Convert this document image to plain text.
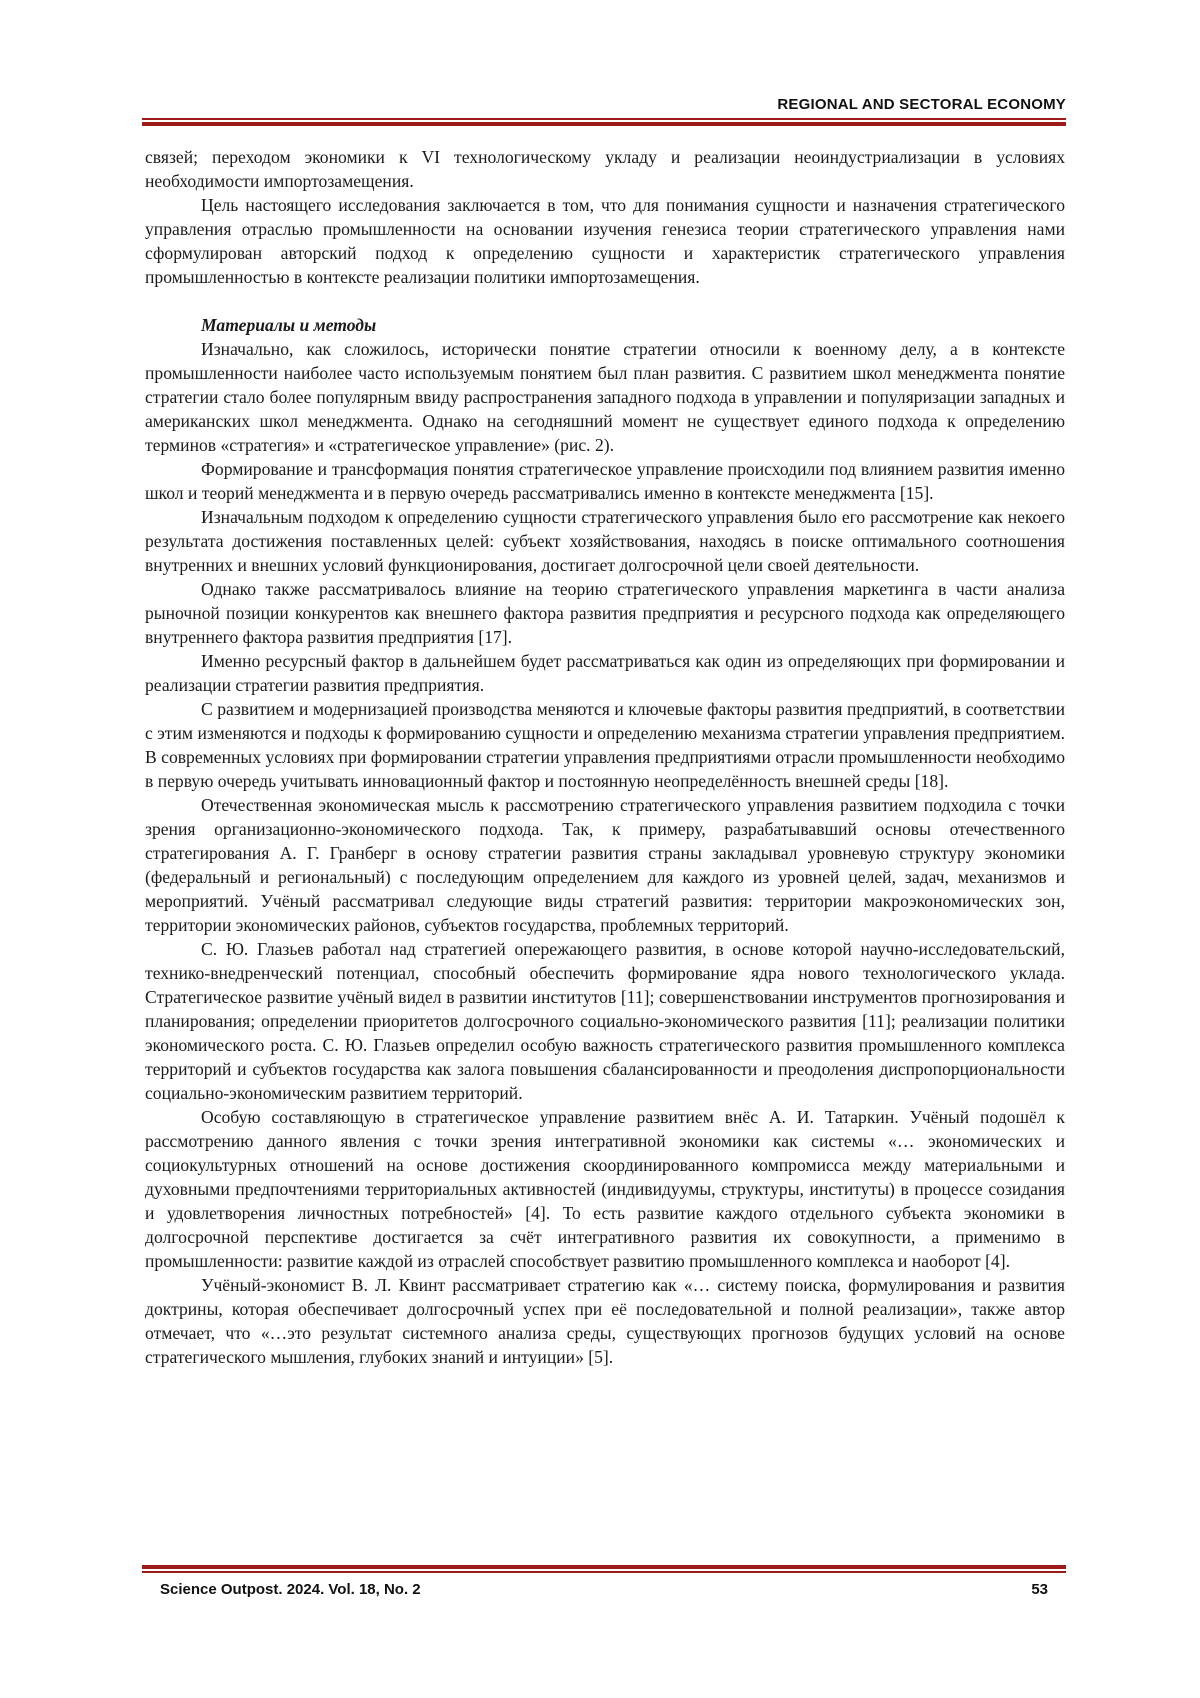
REGIONAL AND SECTORAL ECONOMY

связей; переходом экономики к VI технологическому укладу и реализации неоиндустриализации в условиях необходимости импортозамещения.

Цель настоящего исследования заключается в том, что для понимания сущности и назначения стратегического управления отраслью промышленности на основании изучения генезиса теории стратегического управления нами сформулирован авторский подход к определению сущности и характеристик стратегического управления промышленностью в контексте реализации политики импортозамещения.

Материалы и методы

Изначально, как сложилось, исторически понятие стратегии относили к военному делу, а в контексте промышленности наиболее часто используемым понятием был план развития. С развитием школ менеджмента понятие стратегии стало более популярным ввиду распространения западного подхода в управлении и популяризации западных и американских школ менеджмента. Однако на сегодняшний момент не существует единого подхода к определению терминов «стратегия» и «стратегическое управление» (рис. 2).

Формирование и трансформация понятия стратегическое управление происходили под влиянием развития именно школ и теорий менеджмента и в первую очередь рассматривались именно в контексте менеджмента [15].

Изначальным подходом к определению сущности стратегического управления было его рассмотрение как некоего результата достижения поставленных целей: субъект хозяйствования, находясь в поиске оптимального соотношения внутренних и внешних условий функционирования, достигает долгосрочной цели своей деятельности.

Однако также рассматривалось влияние на теорию стратегического управления маркетинга в части анализа рыночной позиции конкурентов как внешнего фактора развития предприятия и ресурсного подхода как определяющего внутреннего фактора развития предприятия [17].

Именно ресурсный фактор в дальнейшем будет рассматриваться как один из определяющих при формировании и реализации стратегии развития предприятия.

С развитием и модернизацией производства меняются и ключевые факторы развития предприятий, в соответствии с этим изменяются и подходы к формированию сущности и определению механизма стратегии управления предприятием. В современных условиях при формировании стратегии управления предприятиями отрасли промышленности необходимо в первую очередь учитывать инновационный фактор и постоянную неопределённость внешней среды [18].

Отечественная экономическая мысль к рассмотрению стратегического управления развитием подходила с точки зрения организационно-экономического подхода. Так, к примеру, разрабатывавший основы отечественного стратегирования А. Г. Гранберг в основу стратегии развития страны закладывал уровневую структуру экономики (федеральный и региональный) с последующим определением для каждого из уровней целей, задач, механизмов и мероприятий. Учёный рассматривал следующие виды стратегий развития: территории макроэкономических зон, территории экономических районов, субъектов государства, проблемных территорий.

С. Ю. Глазьев работал над стратегией опережающего развития, в основе которой научно-исследовательский, технико-внедренческий потенциал, способный обеспечить формирование ядра нового технологического уклада. Стратегическое развитие учёный видел в развитии институтов [11]; совершенствовании инструментов прогнозирования и планирования; определении приоритетов долгосрочного социально-экономического развития [11]; реализации политики экономического роста. С. Ю. Глазьев определил особую важность стратегического развития промышленного комплекса территорий и субъектов государства как залога повышения сбалансированности и преодоления диспропорциональности социально-экономическим развитием территорий.

Особую составляющую в стратегическое управление развитием внёс А. И. Татаркин. Учёный подошёл к рассмотрению данного явления с точки зрения интегративной экономики как системы «… экономических и социокультурных отношений на основе достижения скоординированного компромисса между материальными и духовными предпочтениями территориальных активностей (индивидуумы, структуры, институты) в процессе созидания и удовлетворения личностных потребностей» [4]. То есть развитие каждого отдельного субъекта экономики в долгосрочной перспективе достигается за счёт интегративного развития их совокупности, а применимо в промышленности: развитие каждой из отраслей способствует развитию промышленного комплекса и наоборот [4].

Учёный-экономист В. Л. Квинт рассматривает стратегию как «… систему поиска, формулирования и развития доктрины, которая обеспечивает долгосрочный успех при её последовательной и полной реализации», также автор отмечает, что «…это результат системного анализа среды, существующих прогнозов будущих условий на основе стратегического мышления, глубоких знаний и интуиции» [5].

Science Outpost. 2024. Vol. 18, No. 2	53
